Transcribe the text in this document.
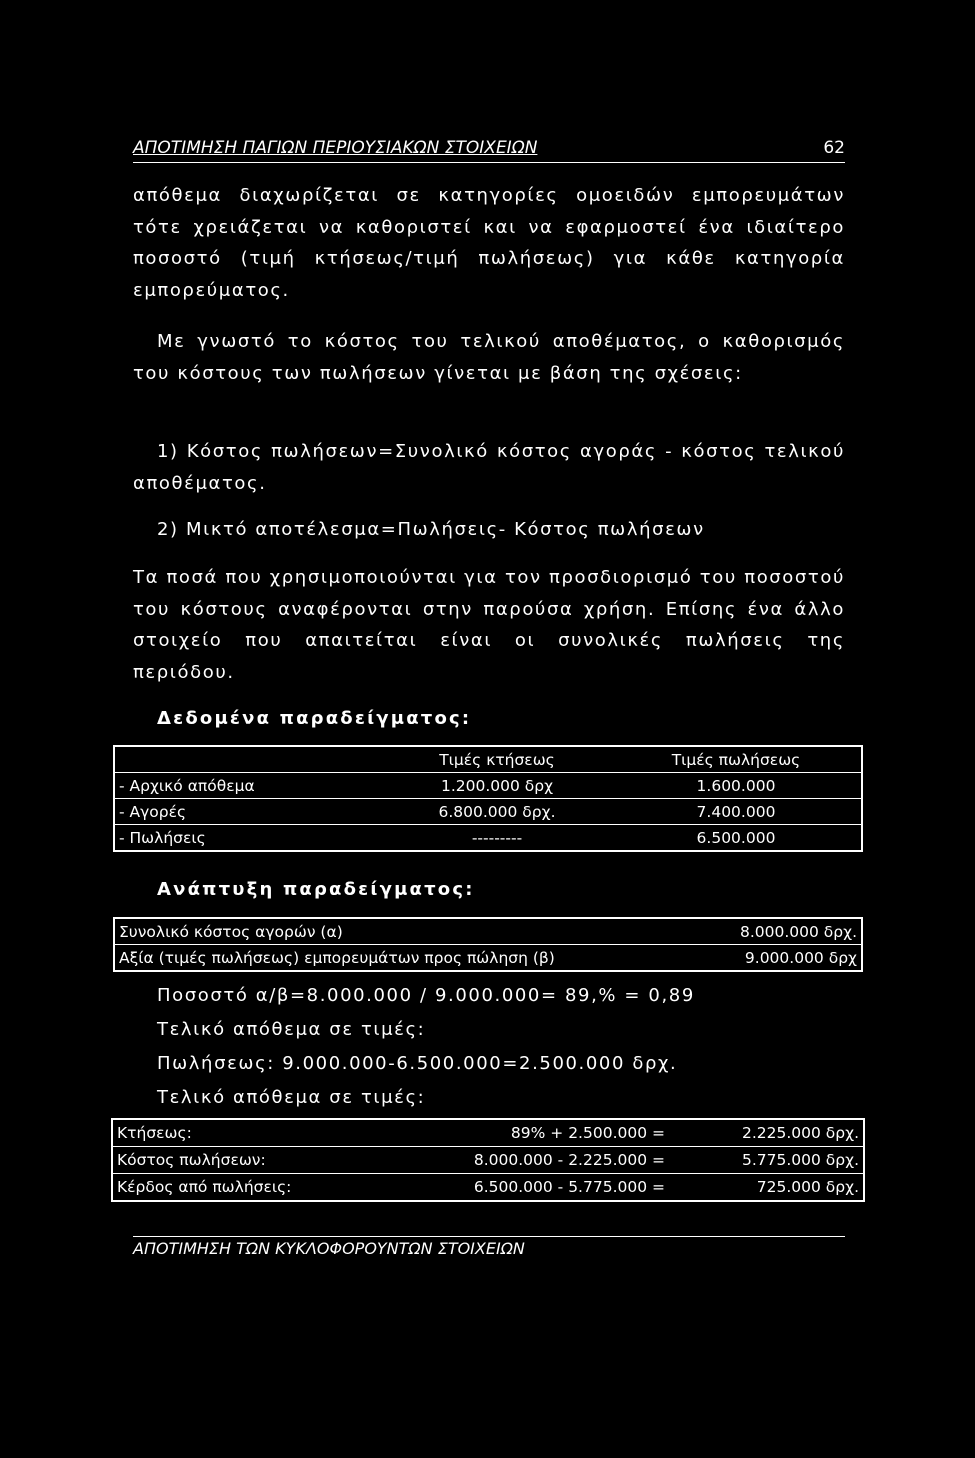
ΑΠΟΤΙΜΗΣΗ ΠΑΓΙΩΝ ΠΕΡΙΟΥΣΙΑΚΩΝ ΣΤΟΙΧΕΙΩΝ	62

απόθεμα διαχωρίζεται σε κατηγορίες ομοειδών εμπορευμάτων τότε χρειάζεται να καθοριστεί και να εφαρμοστεί ένα ιδιαίτερο ποσοστό (τιμή κτήσεως/τιμή πωλήσεως) για κάθε κατηγορία εμπορεύματος.

Με γνωστό το κόστος του τελικού αποθέματος, ο καθορισμός του κόστους των πωλήσεων γίνεται με βάση της σχέσεις:

1) Κόστος πωλήσεων=Συνολικό κόστος αγοράς - κόστος τελικού αποθέματος.

2) Μικτό αποτέλεσμα=Πωλήσεις- Κόστος πωλήσεων

Τα ποσά που χρησιμοποιούνται για τον προσδιορισμό του ποσοστού του κόστους αναφέρονται στην παρούσα χρήση. Επίσης ένα άλλο στοιχείο που απαιτείται είναι οι συνολικές πωλήσεις της περιόδου.

Δεδομένα παραδείγματος:

	Τιμές κτήσεως	Τιμές πωλήσεως
- Αρχικό απόθεμα	1.200.000 δρχ	1.600.000
- Αγορές	6.800.000 δρχ.	7.400.000
- Πωλήσεις	---------	6.500.000

Ανάπτυξη παραδείγματος:

Συνολικό κόστος αγορών (α)	8.000.000 δρχ.
Αξία (τιμές πωλήσεως) εμπορευμάτων προς πώληση (β)	9.000.000 δρχ

Ποσοστό α/β=8.000.000 / 9.000.000= 89,% = 0,89

Τελικό απόθεμα σε τιμές:

Πωλήσεως: 9.000.000-6.500.000=2.500.000 δρχ.

Τελικό απόθεμα σε τιμές:

Κτήσεως:	89% + 2.500.000 =	2.225.000 δρχ.
Κόστος πωλήσεων:	8.000.000 - 2.225.000 =	5.775.000 δρχ.
Κέρδος από πωλήσεις:	6.500.000 - 5.775.000 =	725.000 δρχ.
ΑΠΟΤΙΜΗΣΗ ΤΩΝ ΚΥΚΛΟΦΟΡΟΥΝΤΩΝ ΣΤΟΙΧΕΙΩΝ
